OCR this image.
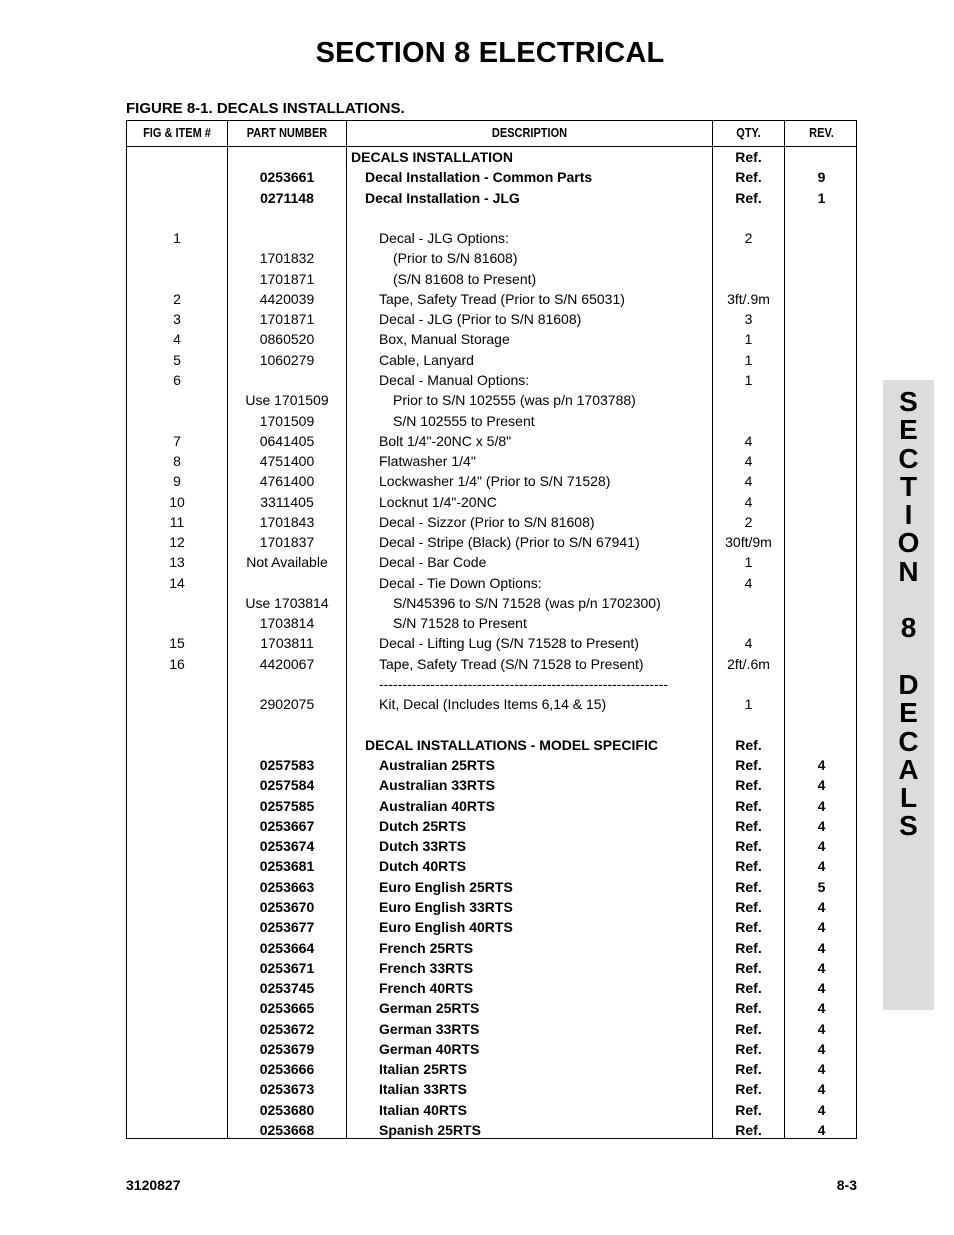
SECTION 8 ELECTRICAL
FIGURE 8-1. DECALS INSTALLATIONS.
FIG & ITEM #	PART NUMBER	DESCRIPTION	QTY.	REV.
DECALS INSTALLATION	Ref.
0253661	Decal Installation - Common Parts	Ref.	9
0271148	Decal Installation - JLG	Ref.	1
1	Decal - JLG Options:	2
1701832	(Prior to S/N 81608)
1701871	(S/N 81608 to Present)
2	4420039	Tape, Safety Tread (Prior to S/N 65031)	3ft/.9m
3	1701871	Decal - JLG (Prior to S/N 81608)	3
4	0860520	Box, Manual Storage	1
5	1060279	Cable, Lanyard	1
6	Decal - Manual Options:	1
Use 1701509	Prior to S/N 102555 (was p/n 1703788)
1701509	S/N 102555 to Present
7	0641405	Bolt 1/4"-20NC x 5/8"	4
8	4751400	Flatwasher 1/4"	4
9	4761400	Lockwasher 1/4" (Prior to S/N 71528)	4
10	3311405	Locknut 1/4"-20NC	4
11	1701843	Decal - Sizzor (Prior to S/N 81608)	2
12	1701837	Decal - Stripe (Black) (Prior to S/N 67941)	30ft/9m
13	Not Available	Decal - Bar Code	1
14	Decal - Tie Down Options:	4
Use 1703814	S/N45396 to S/N 71528 (was p/n 1702300)
1703814	S/N 71528 to Present
15	1703811	Decal - Lifting Lug (S/N 71528 to Present)	4
16	4420067	Tape, Safety Tread (S/N 71528 to Present)	2ft/.6m
--------------------------------------------------------------
2902075	Kit, Decal (Includes Items 6,14 & 15)	1
DECAL INSTALLATIONS - MODEL SPECIFIC	Ref.
0257583	Australian 25RTS	Ref.	4
0257584	Australian 33RTS	Ref.	4
0257585	Australian 40RTS	Ref.	4
0253667	Dutch 25RTS	Ref.	4
0253674	Dutch 33RTS	Ref.	4
0253681	Dutch 40RTS	Ref.	4
0253663	Euro English 25RTS	Ref.	5
0253670	Euro English 33RTS	Ref.	4
0253677	Euro English 40RTS	Ref.	4
0253664	French 25RTS	Ref.	4
0253671	French 33RTS	Ref.	4
0253745	French 40RTS	Ref.	4
0253665	German 25RTS	Ref.	4
0253672	German 33RTS	Ref.	4
0253679	German 40RTS	Ref.	4
0253666	Italian 25RTS	Ref.	4
0253673	Italian 33RTS	Ref.	4
0253680	Italian 40RTS	Ref.	4
0253668	Spanish 25RTS	Ref.	4
S
E
C
T
I
O
N
8
D
E
C
A
L
S
3120827	8-3
